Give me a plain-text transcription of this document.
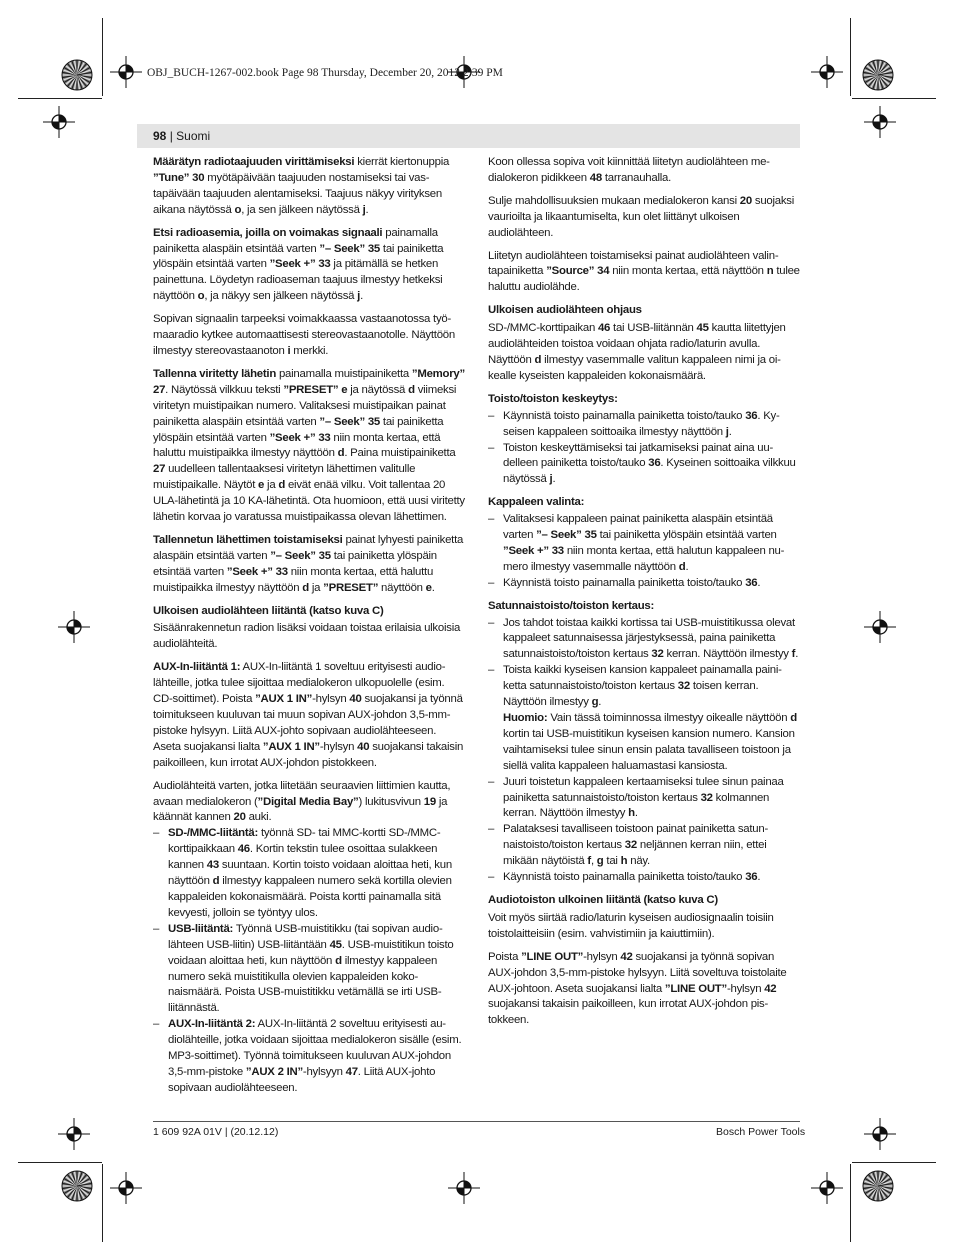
OBJ_BUCH-1267-002.book Page 98 Thursday, December 20, 2012 2:39 PM
98 | Suomi

Määrätyn radiotaajuuden virittämiseksi kierrät kiertonuppia ”Tune” 30 myötäpäivään taajuuden nostamiseksi tai vastapäivään taajuuden alentamiseksi. Taajuus näkyy virityksen aikana näytössä o, ja sen jälkeen näytössä j.

Etsi radioasemia, joilla on voimakas signaali painamalla painiketta alaspäin etsintää varten ”– Seek” 35 tai painiketta ylöspäin etsintää varten ”Seek +” 33 ja pitämällä se hetken painettuna. Löydetyn radioaseman taajuus ilmestyy hetkeksi näyttöön o, ja näkyy sen jälkeen näytössä j.

Sopivan signaalin tarpeeksi voimakkaassa vastaanotossa työmaaradio kytkee automaattisesti stereovastaanotolle. Näyttöön ilmestyy stereovastaanoton i merkki.

Tallenna viritetty lähetin painamalla muistipainiketta ”Memory” 27. Näytössä vilkkuu teksti ”PRESET” e ja näytössä d viimeksi viritetyn muistipaikan numero. Valitaksesi muistipaikan painat painiketta alaspäin etsintää varten ”– Seek” 35 tai painiketta ylöspäin etsintää varten ”Seek +” 33 niin monta kertaa, että haluttu muistipaikka ilmestyy näyttöön d. Paina muistipainiketta 27 uudelleen tallentaaksesi viritetyn lähettimen valitulle muistipaikalle. Näytöt e ja d eivät enää vilku. Voit tallentaa 20 ULA-lähetintä ja 10 KA-lähetintä. Ota huomioon, että uusi viritetty lähetin korvaa jo varatussa muistipaikassa olevan lähettimen.

Tallennetun lähettimen toistamiseksi painat lyhyesti painiketta alaspäin etsintää varten ”– Seek” 35 tai painiketta ylöspäin etsintää varten ”Seek +” 33 niin monta kertaa, että haluttu muistipaikka ilmestyy näyttöön d ja ”PRESET” näyttöön e.

Ulkoisen audiolähteen liitäntä (katso kuva C)

Sisäänrakennetun radion lisäksi voidaan toistaa erilaisia ulkoisia audiolähteitä.

AUX-In-liitäntä 1: AUX-In-liitäntä 1 soveltuu erityisesti audiolähteille, jotka tulee sijoittaa medialokeron ulkopuolelle (esim. CD-soittimet). Poista ”AUX 1 IN”-hylsyn 40 suojakansi ja työnnä toimitukseen kuuluvan tai muun sopivan AUX-johdon 3,5-mm-pistoke hylsyyn. Liitä AUX-johto sopivaan audiolähteeseen.

Aseta suojakansi lialta ”AUX 1 IN”-hylsyn 40 suojakansi takaisin paikoilleen, kun irrotat AUX-johdon pistokkeen.

Audiolähteitä varten, jotka liitetään seuraavien liittimien kautta, avaan medialokeron (”Digital Media Bay”) lukitusvivun 19 ja käännät kannen 20 auki.

– SD-/MMC-liitäntä: työnnä SD- tai MMC-kortti SD-/MMC-korttipaikkaan 46. Kortin tekstin tulee osoittaa sulakkeen kannen 43 suuntaan. Kortin toisto voidaan aloittaa heti, kun näyttöön d ilmestyy kappaleen numero sekä kortilla olevien kappaleiden kokonaismäärä. Poista kortti painamalla sitä kevyesti, jolloin se työntyy ulos.
– USB-liitäntä: Työnnä USB-muistitikku (tai sopivan audiolähteen USB-liitin) USB-liitäntään 45. USB-muistitikun toisto voidaan aloittaa heti, kun näyttöön d ilmestyy kappaleen numero sekä muistitikulla olevien kappaleiden kokonaismäärä. Poista USB-muistitikku vetämällä se irti USB-liitännästä.
– AUX-In-liitäntä 2: AUX-In-liitäntä 2 soveltuu erityisesti audiolähteille, jotka voidaan sijoittaa medialokeron sisälle (esim. MP3-soittimet). Työnnä toimitukseen kuuluvan AUX-johdon 3,5-mm-pistoke ”AUX 2 IN”-hylsyyn 47. Liitä AUX-johto sopivaan audiolähteeseen.

Koon ollessa sopiva voit kiinnittää liitetyn audiolähteen medialokeron pidikkeen 48 tarranauhalla.

Sulje mahdollisuuksien mukaan medialokeron kansi 20 suojaksi vaurioilta ja likaantumiselta, kun olet liittänyt ulkoisen audiolähteen.

Liitetyn audiolähteen toistamiseksi painat audiolähteen valintapainiketta ”Source” 34 niin monta kertaa, että näyttöön n tulee haluttu audiolähde.

Ulkoisen audiolähteen ohjaus

SD-/MMC-korttipaikan 46 tai USB-liitännän 45 kautta liitettyjen audiolähteiden toistoa voidaan ohjata radio/laturin avulla. Näyttöön d ilmestyy vasemmalle valitun kappaleen nimi ja oikealle kyseisten kappaleiden kokonaismäärä.

Toisto/toiston keskeytys:

– Käynnistä toisto painamalla painiketta toisto/tauko 36. Kyseisen kappaleen soittoaika ilmestyy näyttöön j.
– Toiston keskeyttämiseksi tai jatkamiseksi painat aina uudelleen painiketta toisto/tauko 36. Kyseinen soittoaika vilkkuu näytössä j.

Kappaleen valinta:

– Valitaksesi kappaleen painat painiketta alaspäin etsintää varten ”– Seek” 35 tai painiketta ylöspäin etsintää varten ”Seek +” 33 niin monta kertaa, että halutun kappaleen numero ilmestyy vasemmalle näyttöön d.
– Käynnistä toisto painamalla painiketta toisto/tauko 36.

Satunnaistoisto/toiston kertaus:

– Jos tahdot toistaa kaikki kortissa tai USB-muistitikussa olevat kappaleet satunnaisessa järjestyksessä, paina painiketta satunnaistoisto/toiston kertaus 32 kerran. Näyttöön ilmestyy f.
– Toista kaikki kyseisen kansion kappaleet painamalla painiketta satunnaistoisto/toiston kertaus 32 toisen kerran. Näyttöön ilmestyy g.
Huomio: Vain tässä toiminnossa ilmestyy oikealle näyttöön d kortin tai USB-muistitikun kyseisen kansion numero. Kansion vaihtamiseksi tulee sinun ensin palata tavalliseen toistoon ja siellä valita kappaleen haluamastasi kansiosta.
– Juuri toistetun kappaleen kertaamiseksi tulee sinun painaa painiketta satunnaistoisto/toiston kertaus 32 kolmannen kerran. Näyttöön ilmestyy h.
– Palataksesi tavalliseen toistoon painat painiketta satunnaistoisto/toiston kertaus 32 neljännen kerran niin, ettei mikään näytöistä f, g tai h näy.
– Käynnistä toisto painamalla painiketta toisto/tauko 36.

Audiotoiston ulkoinen liitäntä (katso kuva C)

Voit myös siirtää radio/laturin kyseisen audiosignaalin toisiin toistolaitteisiin (esim. vahvistimiin ja kaiuttimiin).

Poista ”LINE OUT”-hylsyn 42 suojakansi ja työnnä sopivan AUX-johdon 3,5-mm-pistoke hylsyyn. Liitä soveltuva toistolaite AUX-johtoon. Aseta suojakansi lialta ”LINE OUT”-hylsyn 42 suojakansi takaisin paikoilleen, kun irrotat AUX-johdon pistokkeen.

1 609 92A 01V | (20.12.12)	Bosch Power Tools
